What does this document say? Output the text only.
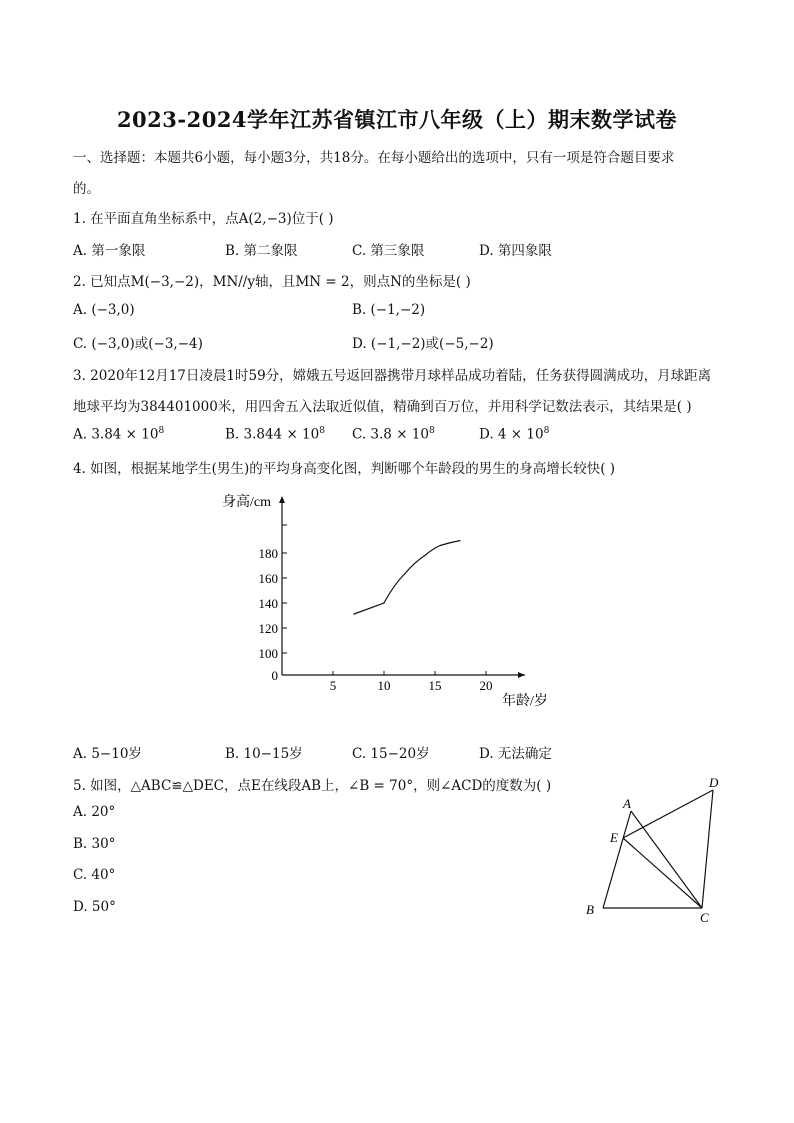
2023-2024学年江苏省镇江市八年级（上）期末数学试卷
一、选择题：本题共6小题，每小题3分，共18分。在每小题给出的选项中，只有一项是符合题目要求
的。
1. 在平面直角坐标系中，点A(2,−3)位于( )
A. 第一象限	B. 第二象限	C. 第三象限	D. 第四象限
2. 已知点M(−3,−2)，MN//y轴，且MN = 2，则点N的坐标是( )
A. (−3,0)	B. (−1,−2)
C. (−3,0)或(−3,−4)	D. (−1,−2)或(−5,−2)
3. 2020年12月17日凌晨1时59分，嫦娥五号返回器携带月球样品成功着陆，任务获得圆满成功，月球距离
地球平均为384401000米，用四舍五入法取近似值，精确到百万位，并用科学记数法表示，其结果是( )
A. $3.84 \times 10^8$	B. $3.844 \times 10^8$ C. $3.8 \times 10^8$	D. $4 \times 10^8$
4. 如图，根据某地学生(男生)的平均身高变化图，判断哪个年龄段的男生的身高增长较快( )
身高/cm
年龄/岁
5	10	15	20
0
100
120
140
160
180
A. 5−10岁	B. 10−15岁	C. 15−20岁	D. 无法确定
5. 如图，△ABC≌△DEC，点E在线段AB上，∠B = 70°，则∠ACD的度数为( )
A. 20°
B. 30°
C. 40°
D. 50°
A
B
C
D
E
